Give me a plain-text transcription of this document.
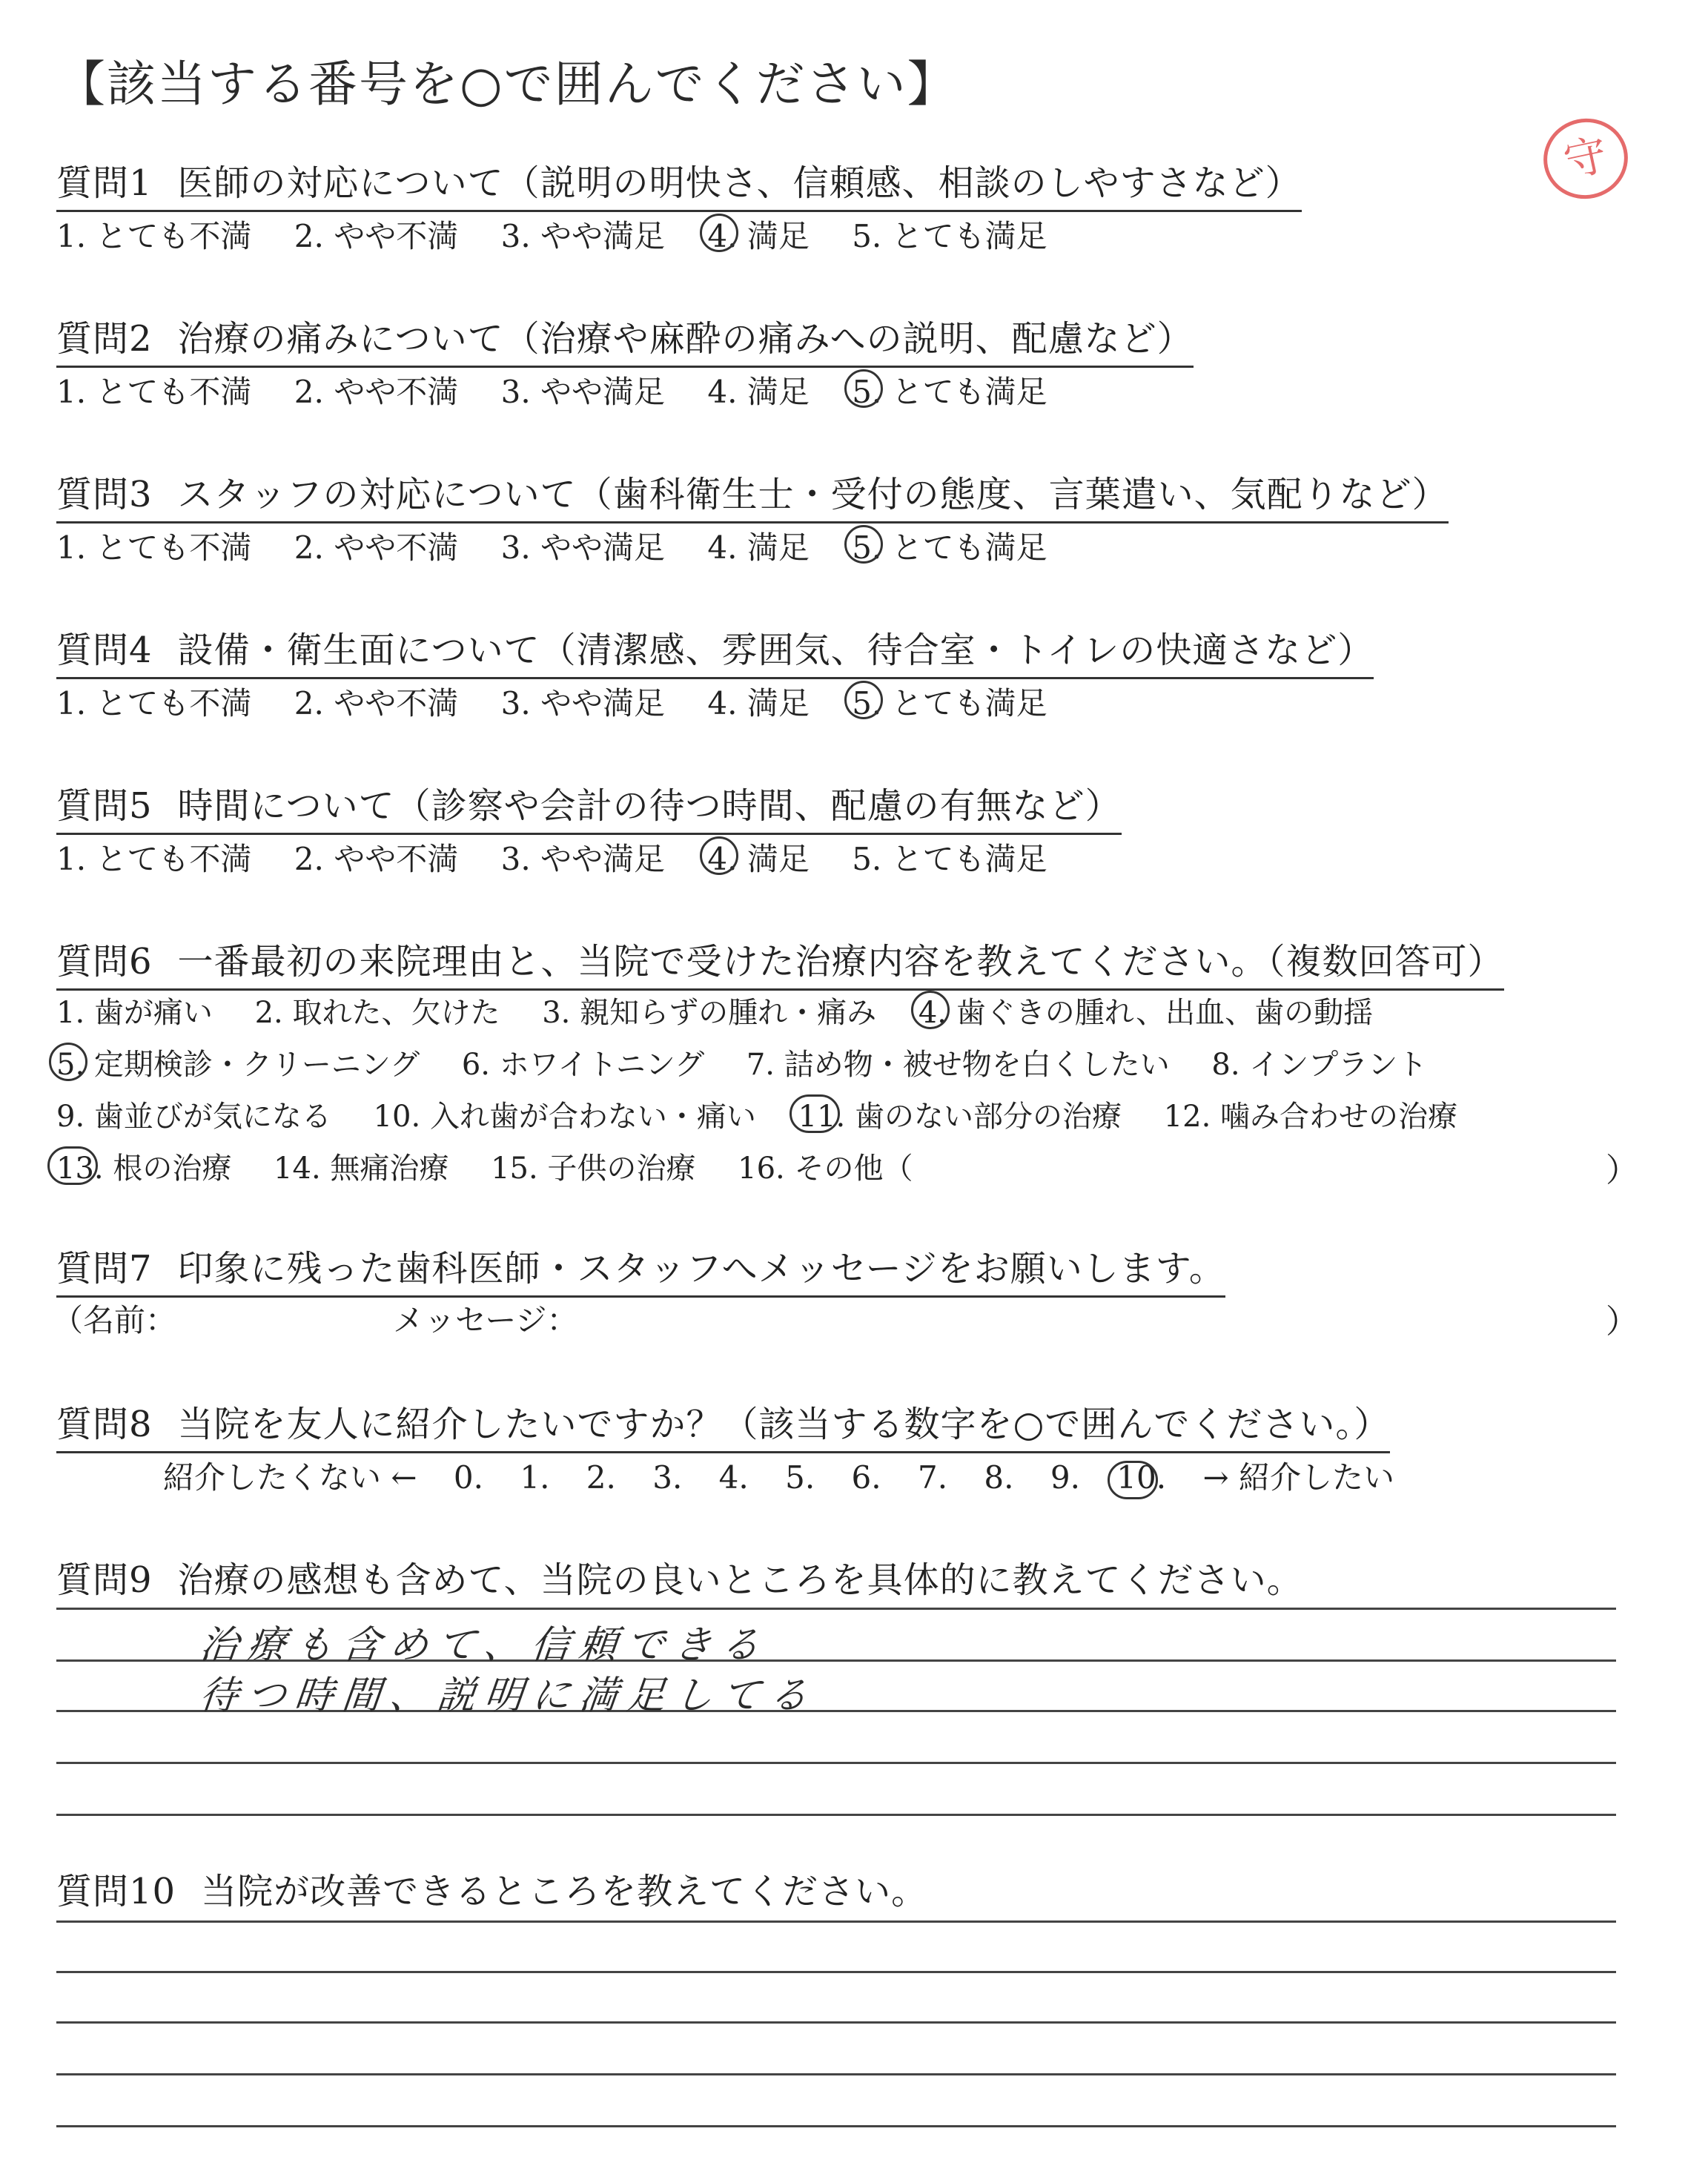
【該当する番号を○で囲んでください】
守
質問1 医師の対応について（説明の明快さ、信頼感、相談のしやすさなど）
1. とても不満 2. やや不満 3. やや満足 4. 満足 5. とても満足
質問2 治療の痛みについて（治療や麻酔の痛みへの説明、配慮など）
1. とても不満 2. やや不満 3. やや満足 4. 満足 5. とても満足
質問3 スタッフの対応について（歯科衛生士・受付の態度、言葉遣い、気配りなど）
1. とても不満 2. やや不満 3. やや満足 4. 満足 5. とても満足
質問4 設備・衛生面について（清潔感、雰囲気、待合室・トイレの快適さなど）
1. とても不満 2. やや不満 3. やや満足 4. 満足 5. とても満足
質問5 時間について（診察や会計の待つ時間、配慮の有無など）
1. とても不満 2. やや不満 3. やや満足 4. 満足 5. とても満足
質問6 一番最初の来院理由と、当院で受けた治療内容を教えてください。（複数回答可）
1. 歯が痛い 2. 取れた、欠けた 3. 親知らずの腫れ・痛み 4. 歯ぐきの腫れ、出血、歯の動揺
5. 定期検診・クリーニング 6. ホワイトニング 7. 詰め物・被せ物を白くしたい 8. インプラント
9. 歯並びが気になる 10. 入れ歯が合わない・痛い 11. 歯のない部分の治療 12. 噛み合わせの治療
13. 根の治療 14. 無痛治療 15. 子供の治療 16. その他（	）
質問7 印象に残った歯科医師・スタッフへメッセージをお願いします。
（名前：	メッセージ：	）
質問8 当院を友人に紹介したいですか？（該当する数字を○で囲んでください。）
紹介したくない ← 0. 1. 2. 3. 4. 5. 6. 7. 8. 9. 10. → 紹介したい
質問9 治療の感想も含めて、当院の良いところを具体的に教えてください。
治療も含めて、信頼できる
待つ時間、説明に満足してる
質問10 当院が改善できるところを教えてください。
